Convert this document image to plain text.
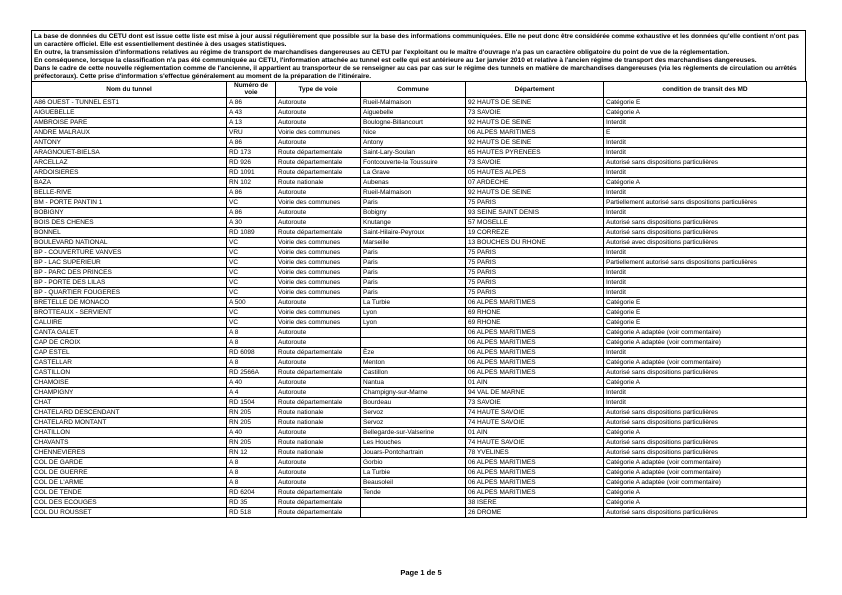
La base de données du CETU dont est issue cette liste est mise à jour aussi régulièrement que possible sur la base des informations communiquées. Elle ne peut donc être considérée comme exhaustive et les données qu'elle contient n'ont pas un caractère officiel. Elle est essentiellement destinée à des usages statistiques.

En outre, la transmission d'informations relatives au régime de transport de marchandises dangereuses au CETU par l'exploitant ou le maître d'ouvrage n'a pas un caractère obligatoire du point de vue de la réglementation.

En conséquence, lorsque la classification n'a pas été communiquée au CETU, l'information attachée au tunnel est celle qui est antérieure au 1er janvier 2010 et relative à l'ancien régime de transport des marchandises dangereuses.

Dans le cadre de cette nouvelle réglementation comme de l'ancienne, il appartient au transporteur de se renseigner au cas par cas sur le régime des tunnels en matière de marchandises dangereuses (via les règlements de circulation ou arrêtés préfectoraux). Cette prise d'information s'effectue généralement au moment de la préparation de l'itinéraire.

Nom du tunnel	Numéro de voie	Type de voie	Commune	Département	condition de transit des MD
A86 OUEST - TUNNEL EST1	A 86	Autoroute	Rueil-Malmaison	92 HAUTS DE SEINE	Catégorie E
AIGUEBELLE	A 43	Autoroute	Aiguebelle	73 SAVOIE	Catégorie A
AMBROISE PARE	A 13	Autoroute	Boulogne-Billancourt	92 HAUTS DE SEINE	Interdit
ANDRE MALRAUX	VRU	Voirie des communes	Nice	06 ALPES MARITIMES	E
ANTONY	A 86	Autoroute	Antony	92 HAUTS DE SEINE	Interdit
ARAGNOUET-BIELSA	RD 173	Route départementale	Saint-Lary-Soulan	65 HAUTES PYRENEES	Interdit
ARCELLAZ	RD 926	Route départementale	Fontcouverte-la Toussuire	73 SAVOIE	Autorisé sans dispositions particulières
ARDOISIERES	RD 1091	Route départementale	La Grave	05 HAUTES ALPES	Interdit
BAZA	RN 102	Route nationale	Aubenas	07 ARDECHE	Catégorie A
BELLE-RIVE	A 86	Autoroute	Rueil-Malmaison	92 HAUTS DE SEINE	Interdit
BM - PORTE PANTIN 1	VC	Voirie des communes	Paris	75 PARIS	Partiellement autorisé sans dispositions particulières
BOBIGNY	A 86	Autoroute	Bobigny	93 SEINE SAINT DENIS	Interdit
BOIS DES CHENES	A 30	Autoroute	Knutange	57 MOSELLE	Autorisé sans dispositions particulières
BONNEL	RD 1089	Route départementale	Saint-Hilaire-Peyroux	19 CORREZE	Autorisé sans dispositions particulières
BOULEVARD NATIONAL	VC	Voirie des communes	Marseille	13 BOUCHES DU RHONE	Autorisé avec dispositions particulières
BP - COUVERTURE VANVES	VC	Voirie des communes	Paris	75 PARIS	Interdit
BP - LAC SUPERIEUR	VC	Voirie des communes	Paris	75 PARIS	Partiellement autorisé sans dispositions particulières
BP - PARC DES PRINCES	VC	Voirie des communes	Paris	75 PARIS	Interdit
BP - PORTE DES LILAS	VC	Voirie des communes	Paris	75 PARIS	Interdit
BP - QUARTIER FOUGERES	VC	Voirie des communes	Paris	75 PARIS	Interdit
BRETELLE DE MONACO	A 500	Autoroute	La Turbie	06 ALPES MARITIMES	Catégorie E
BROTTEAUX - SERVIENT	VC	Voirie des communes	Lyon	69 RHONE	Catégorie E
CALUIRE	VC	Voirie des communes	Lyon	69 RHONE	Catégorie E
CANTA GALET	A 8	Autoroute		06 ALPES MARITIMES	Catégorie A adaptée (voir commentaire)
CAP DE CROIX	A 8	Autoroute		06 ALPES MARITIMES	Catégorie A adaptée (voir commentaire)
CAP ESTEL	RD 6098	Route départementale	Èze	06 ALPES MARITIMES	Interdit
CASTELLAR	A 8	Autoroute	Menton	06 ALPES MARITIMES	Catégorie A adaptée (voir commentaire)
CASTILLON	RD 2566A	Route départementale	Castillon	06 ALPES MARITIMES	Autorisé sans dispositions particulières
CHAMOISE	A 40	Autoroute	Nantua	01 AIN	Catégorie A
CHAMPIGNY	A 4	Autoroute	Champigny-sur-Marne	94 VAL DE MARNE	Interdit
CHAT	RD 1504	Route départementale	Bourdeau	73 SAVOIE	Interdit
CHATELARD DESCENDANT	RN 205	Route nationale	Servoz	74 HAUTE SAVOIE	Autorisé sans dispositions particulières
CHATELARD MONTANT	RN 205	Route nationale	Servoz	74 HAUTE SAVOIE	Autorisé sans dispositions particulières
CHATILLON	A 40	Autoroute	Bellegarde-sur-Valserine	01 AIN	Catégorie A
CHAVANTS	RN 205	Route nationale	Les Houches	74 HAUTE SAVOIE	Autorisé sans dispositions particulières
CHENNEVIERES	RN 12	Route nationale	Jouars-Pontchartrain	78 YVELINES	Autorisé sans dispositions particulières
COL DE GARDE	A 8	Autoroute	Gorbio	06 ALPES MARITIMES	Catégorie A adaptée (voir commentaire)
COL DE GUERRE	A 8	Autoroute	La Turbie	06 ALPES MARITIMES	Catégorie A adaptée (voir commentaire)
COL DE L'ARME	A 8	Autoroute	Beausoleil	06 ALPES MARITIMES	Catégorie A adaptée (voir commentaire)
COL DE TENDE	RD 6204	Route départementale	Tende	06 ALPES MARITIMES	Catégorie A
COL DES ECOUGES	RD 35	Route départementale		38 ISERE	Catégorie A
COL DU ROUSSET	RD 518	Route départementale		26 DROME	Autorisé sans dispositions particulières
Page 1 de 5
